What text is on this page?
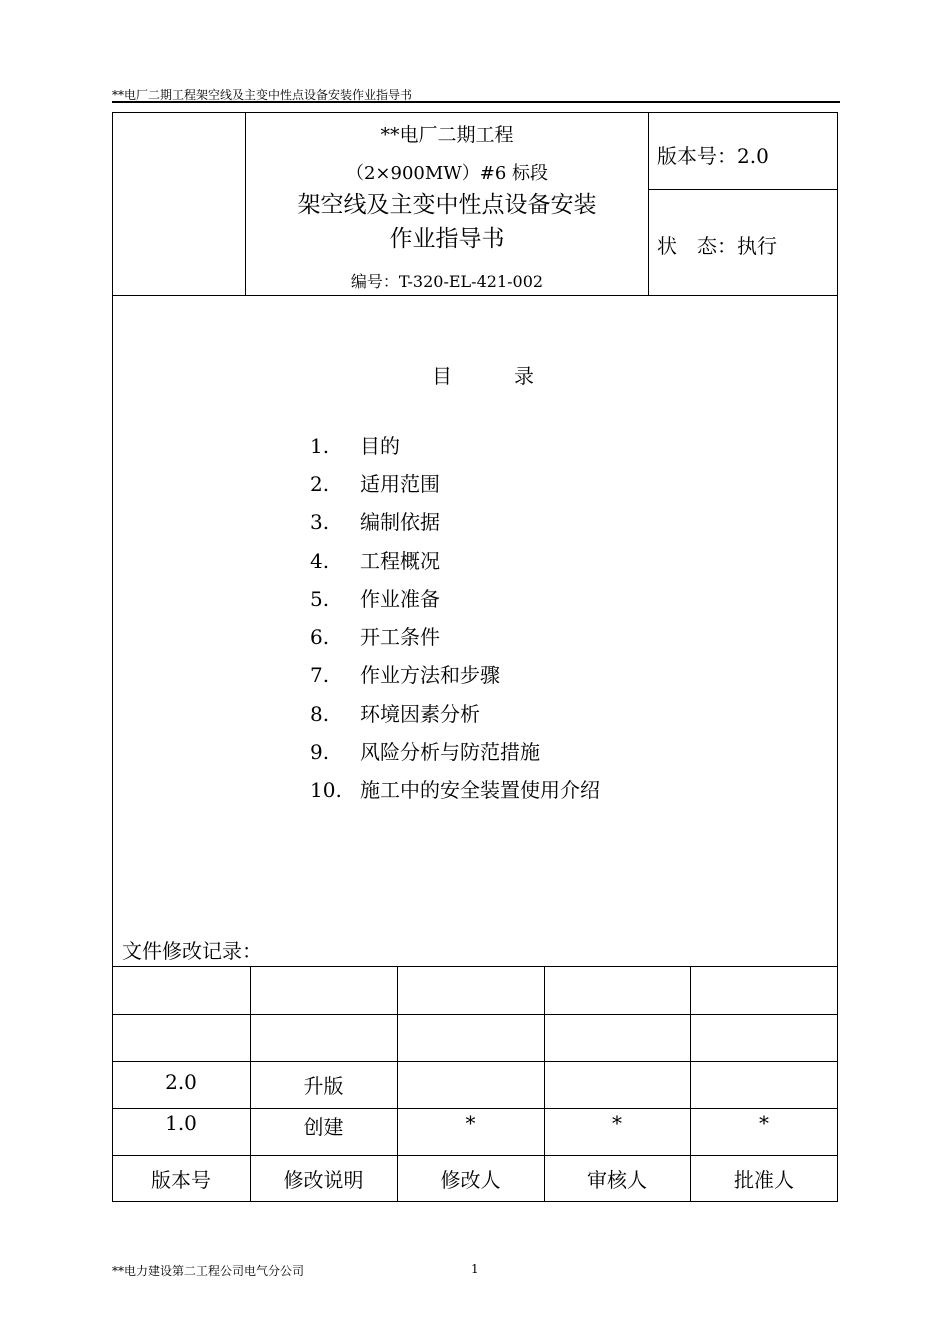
**电厂二期工程架空线及主变中性点设备安装作业指导书
**电厂二期工程
（2×900MW）#6 标段
架空线及主变中性点设备安装
作业指导书
编号：T-320-EL-421-002
版本号：2.0
状　态：执行
目录
1. 目的
2. 适用范围
3. 编制依据
4. 工程概况
5. 作业准备
6. 开工条件
7. 作业方法和步骤
8. 环境因素分析
9. 风险分析与防范措施
10. 施工中的安全装置使用介绍
文件修改记录：
2.0	升版
1.0	创建	*	*	*
版本号	修改说明	修改人	审核人	批准人
**电力建设第二工程公司电气分公司	1
